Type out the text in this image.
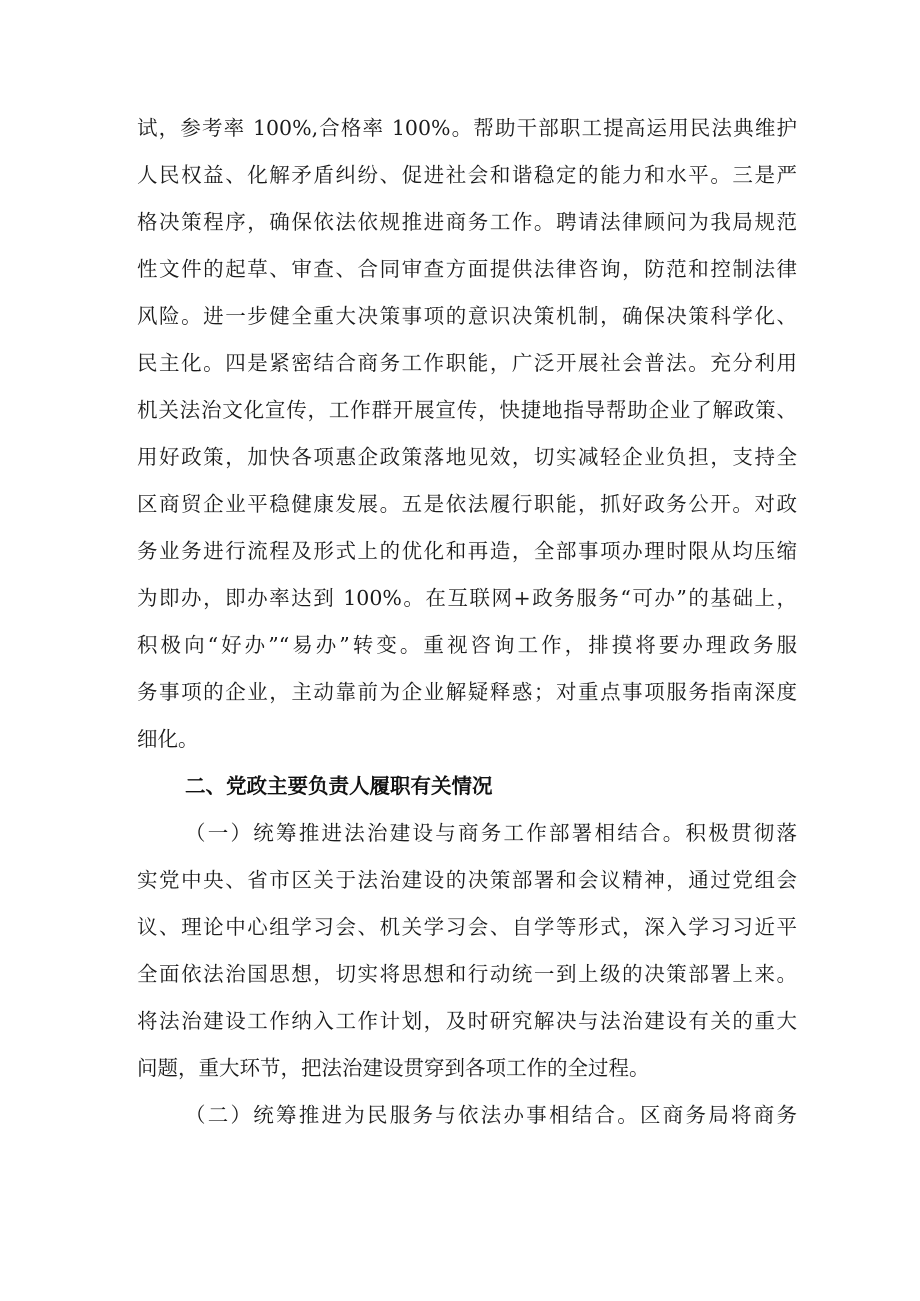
试，参考率 100%,合格率 100%。帮助干部职工提高运用民法典维护
人民权益、化解矛盾纠纷、促进社会和谐稳定的能力和水平。三是严
格决策程序，确保依法依规推进商务工作。聘请法律顾问为我局规范
性文件的起草、审查、合同审查方面提供法律咨询，防范和控制法律
风险。进一步健全重大决策事项的意识决策机制，确保决策科学化、
民主化。四是紧密结合商务工作职能，广泛开展社会普法。充分利用
机关法治文化宣传，工作群开展宣传，快捷地指导帮助企业了解政策、
用好政策，加快各项惠企政策落地见效，切实减轻企业负担，支持全
区商贸企业平稳健康发展。五是依法履行职能，抓好政务公开。对政
务业务进行流程及形式上的优化和再造，全部事项办理时限从均压缩
为即办，即办率达到 100%。在互联网+政务服务“可办”的基础上，
积极向“好办”“易办”转变。重视咨询工作，排摸将要办理政务服
务事项的企业，主动靠前为企业解疑释惑；对重点事项服务指南深度
细化。
二、党政主要负责人履职有关情况
（一）统筹推进法治建设与商务工作部署相结合。积极贯彻落
实党中央、省市区关于法治建设的决策部署和会议精神，通过党组会
议、理论中心组学习会、机关学习会、自学等形式，深入学习习近平
全面依法治国思想，切实将思想和行动统一到上级的决策部署上来。
将法治建设工作纳入工作计划，及时研究解决与法治建设有关的重大
问题，重大环节，把法治建设贯穿到各项工作的全过程。
（二）统筹推进为民服务与依法办事相结合。区商务局将商务
